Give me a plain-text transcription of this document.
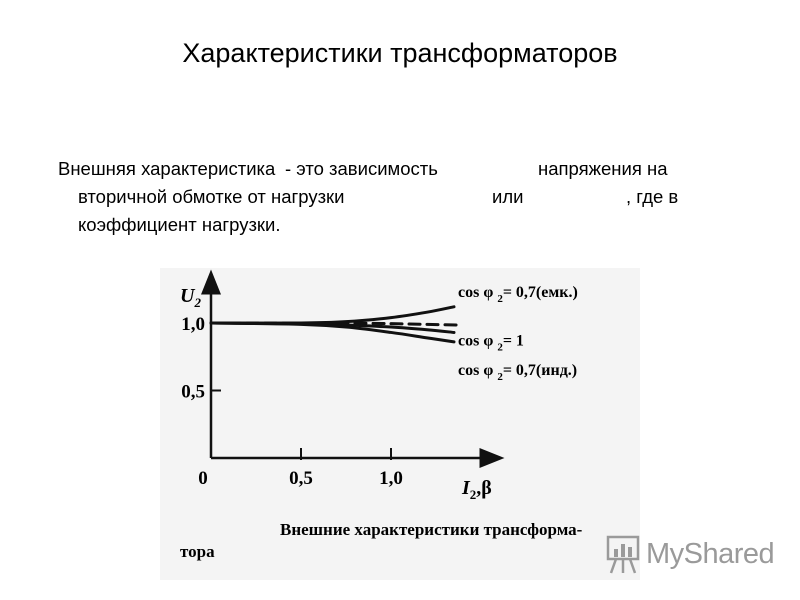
Характеристики трансформаторов
Внешняя характеристика - это зависимость	напряжения на
вторичной обмотке от нагрузки	или	, где в
коэффициент нагрузки.
0	0,5	1,0
1,0
0,5
cos φ $_2$= 0,7(емк.)
cos φ $_2$= 1
cos φ $_2$= 0,7(инд.)
$U_2$
$I_2,\beta$
Внешние характеристики трансформа-
тора	MyShared
